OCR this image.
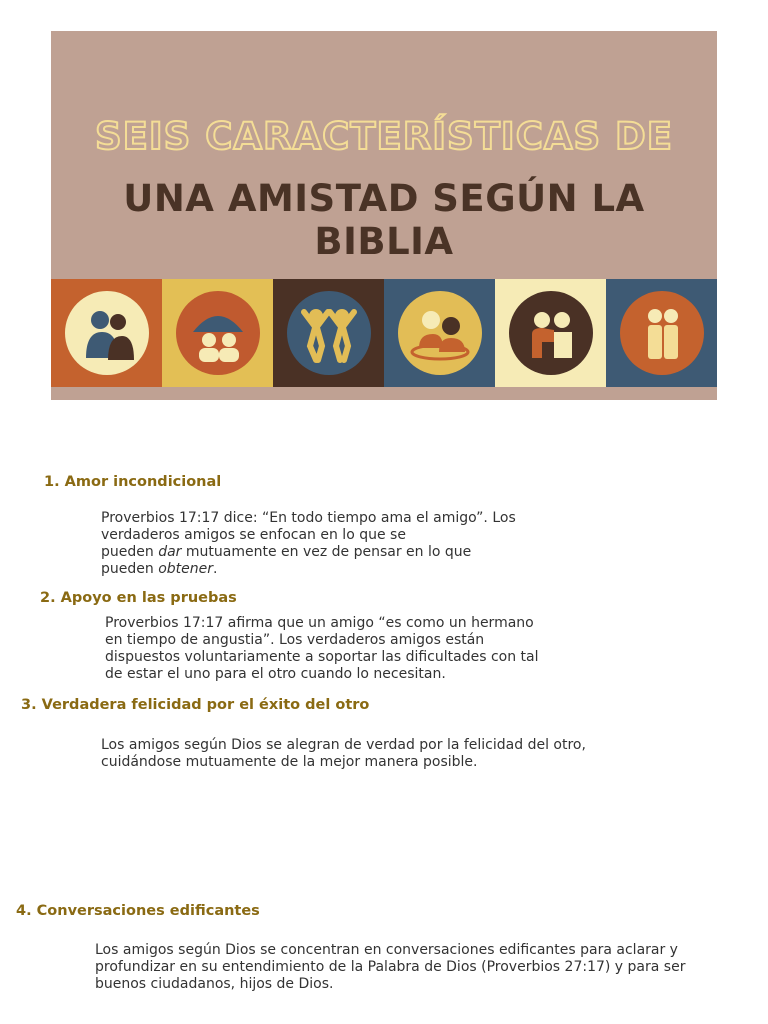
SEIS CARACTERÍSTICAS DE
UNA AMISTAD SEGÚN LA BIBLIA
1. Amor incondicional
Proverbios 17:17 dice: “En todo tiempo ama el amigo”. Los
verdaderos amigos se enfocan en lo que se
pueden dar mutuamente en vez de pensar en lo que
pueden obtener.
2. Apoyo en las pruebas
Proverbios 17:17 afirma que un amigo “es como un hermano
en tiempo de angustia”. Los verdaderos amigos están
dispuestos voluntariamente a soportar las dificultades con tal
de estar el uno para el otro cuando lo necesitan.
3. Verdadera felicidad por el éxito del otro
Los amigos según Dios se alegran de verdad por la felicidad del otro,
cuidándose mutuamente de la mejor manera posible.
4. Conversaciones edificantes
Los amigos según Dios se concentran en conversaciones edificantes para aclarar y
profundizar en su entendimiento de la Palabra de Dios (Proverbios 27:17) y para ser
buenos ciudadanos, hijos de Dios.
